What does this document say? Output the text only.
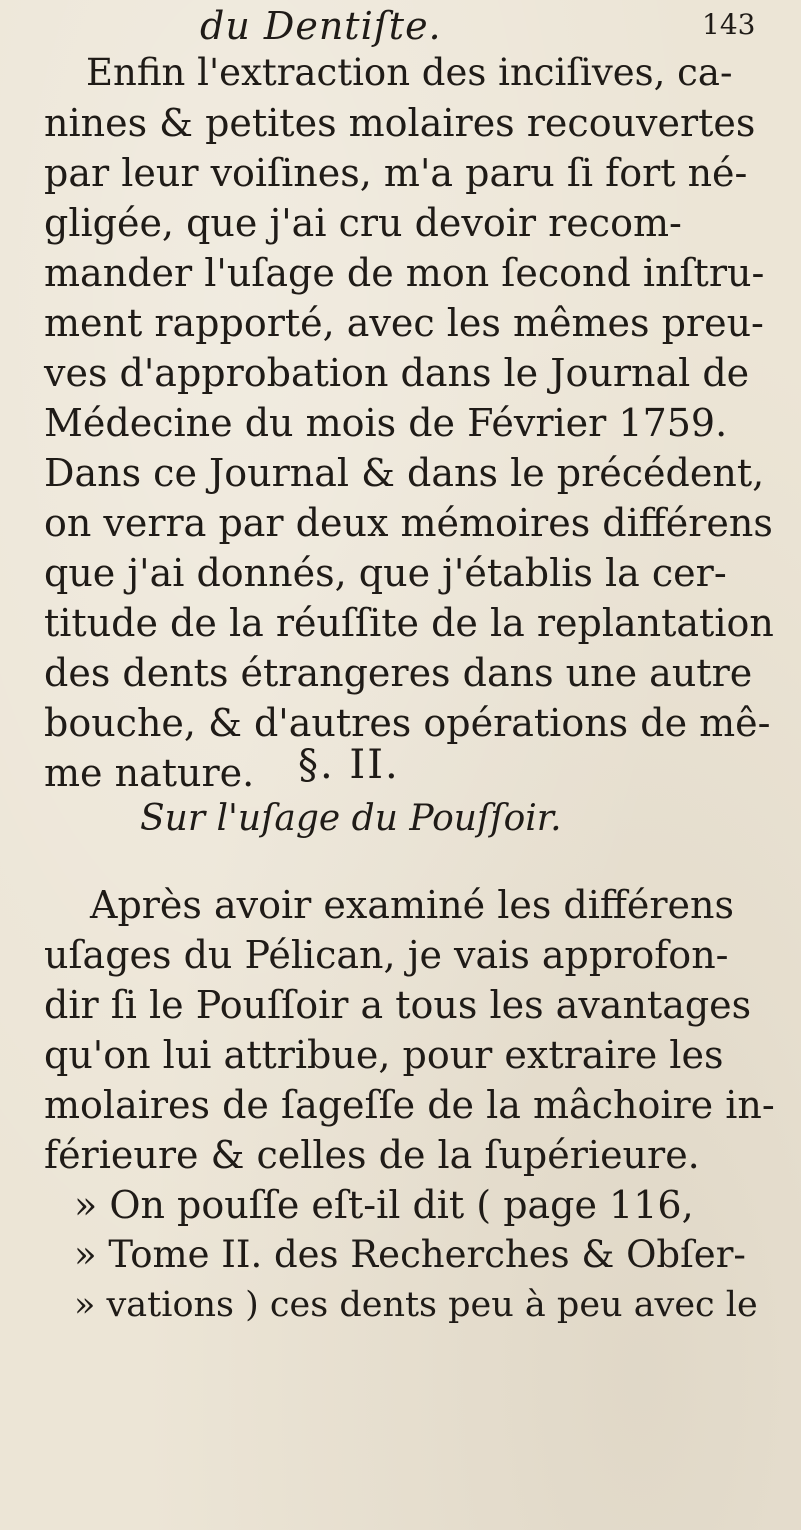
du Dentiſte.	143
Enfin l'extraction des inciſives, ca-
nines & petites molaires recouvertes
par leur voiſines, m'a paru ſi fort né-
gligée, que j'ai cru devoir recom-
mander l'uſage de mon ſecond inſtru-
ment rapporté, avec les mêmes preu-
ves d'approbation dans le Journal de
Médecine du mois de Février 1759.
Dans ce Journal & dans le précédent,
on verra par deux mémoires différens
que j'ai donnés, que j'établis la cer-
titude de la réuſſite de la replantation
des dents étrangeres dans une autre
bouche, & d'autres opérations de mê-
me nature.	§. II.
Sur l'uſage du Pouſſoir.
Après avoir examiné les différens
uſages du Pélican, je vais approfon-
dir ſi le Pouſſoir a tous les avantages
qu'on lui attribue, pour extraire les
molaires de ſageſſe de la mâchoire in-
férieure & celles de la ſupérieure.
» On pouſſe eſt-il dit ( page 116,
» Tome II. des Recherches & Obſer-
» vations ) ces dents peu à peu avec le
